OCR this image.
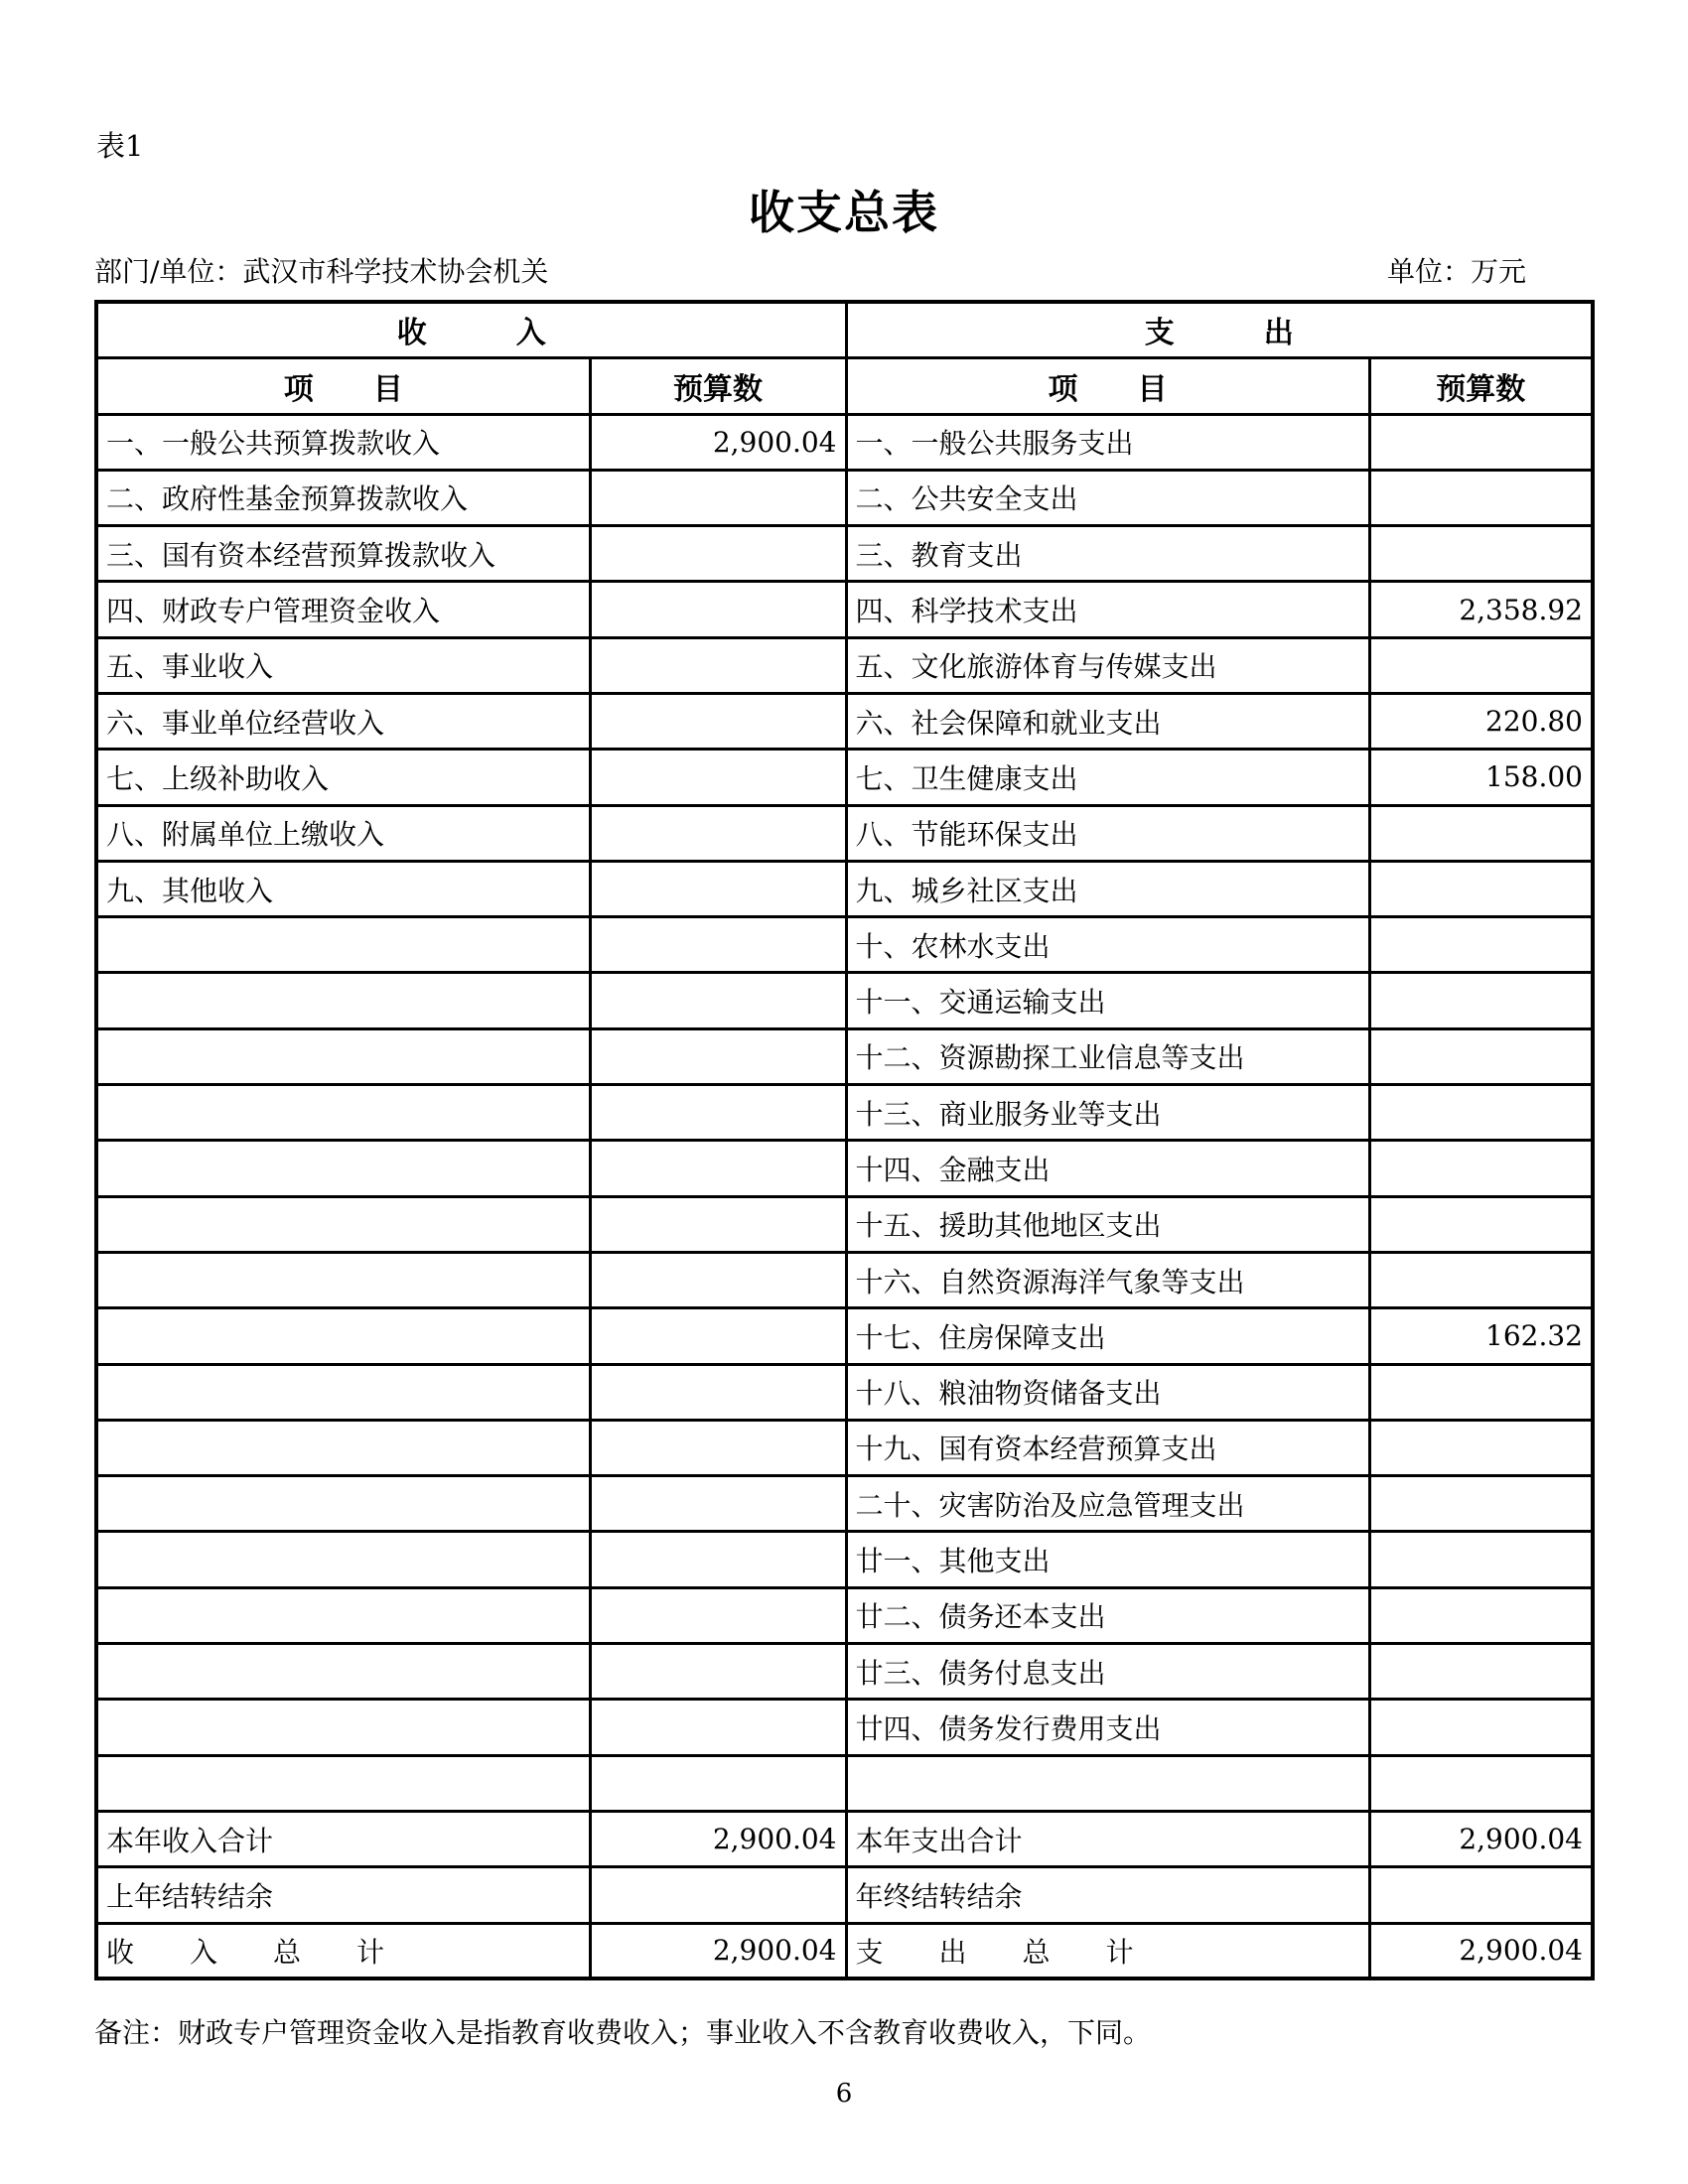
表1
收支总表
部门/单位：武汉市科学技术协会机关	单位：万元
收　　　入		支　　　出	
项　　目	预算数	项　　目	预算数
一、一般公共预算拨款收入	2,900.04	一、一般公共服务支出	
二、政府性基金预算拨款收入		二、公共安全支出	
三、国有资本经营预算拨款收入		三、教育支出	
四、财政专户管理资金收入		四、科学技术支出	2,358.92
五、事业收入		五、文化旅游体育与传媒支出	
六、事业单位经营收入		六、社会保障和就业支出	220.80
七、上级补助收入		七、卫生健康支出	158.00
八、附属单位上缴收入		八、节能环保支出	
九、其他收入		九、城乡社区支出	
		十、农林水支出	
		十一、交通运输支出	
		十二、资源勘探工业信息等支出	
		十三、商业服务业等支出	
		十四、金融支出	
		十五、援助其他地区支出	
		十六、自然资源海洋气象等支出	
		十七、住房保障支出	162.32
		十八、粮油物资储备支出	
		十九、国有资本经营预算支出	
		二十、灾害防治及应急管理支出	
		廿一、其他支出	
		廿二、债务还本支出	
		廿三、债务付息支出	
		廿四、债务发行费用支出	

本年收入合计	2,900.04	本年支出合计	2,900.04
上年结转结余		年终结转结余	
收　　入　　总　　计	2,900.04	支　　出　　总　　计	2,900.04
备注：财政专户管理资金收入是指教育收费收入；事业收入不含教育收费收入，下同。
6
